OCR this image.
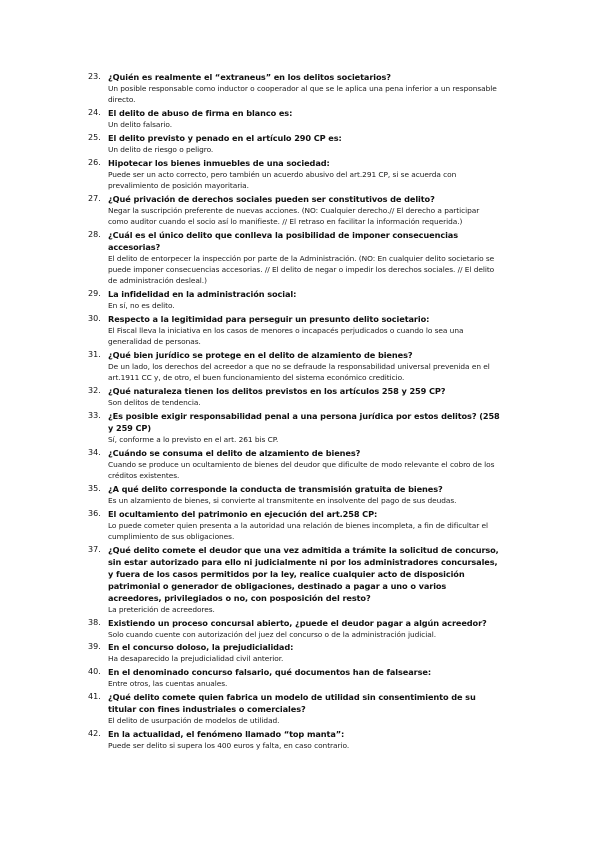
23. ¿Quién es realmente el “extraneus” en los delitos societarios?
Un posible responsable como inductor o cooperador al que se le aplica una pena inferior a un responsable directo.
24. El delito de abuso de firma en blanco es:
Un delito falsario.
25. El delito previsto y penado en el artículo 290 CP es:
Un delito de riesgo o peligro.
26. Hipotecar los bienes inmuebles de una sociedad:
Puede ser un acto correcto, pero también un acuerdo abusivo del art.291 CP, si se acuerda con prevalimiento de posición mayoritaria.
27. ¿Qué privación de derechos sociales pueden ser constitutivos de delito?
Negar la suscripción preferente de nuevas acciones. (NO: Cualquier derecho.// El derecho a participar como auditor cuando el socio así lo manifieste. // El retraso en facilitar la información requerida.)
28. ¿Cuál es el único delito que conlleva la posibilidad de imponer consecuencias accesorias?
El delito de entorpecer la inspección por parte de la Administración. (NO: En cualquier delito societario se puede imponer consecuencias accesorias. // El delito de negar o impedir los derechos sociales. // El delito de administración desleal.)
29. La infidelidad en la administración social:
En sí, no es delito.
30. Respecto a la legitimidad para perseguir un presunto delito societario:
El Fiscal lleva la iniciativa en los casos de menores o incapacés perjudicados o cuando lo sea una generalidad de personas.
31. ¿Qué bien jurídico se protege en el delito de alzamiento de bienes?
De un lado, los derechos del acreedor a que no se defraude la responsabilidad universal prevenida en el art.1911 CC y, de otro, el buen funcionamiento del sistema económico crediticio.
32. ¿Qué naturaleza tienen los delitos previstos en los artículos 258 y 259 CP?
Son delitos de tendencia.
33. ¿Es posible exigir responsabilidad penal a una persona jurídica por estos delitos? (258 y 259 CP)
Sí, conforme a lo previsto en el art. 261 bis CP.
34. ¿Cuándo se consuma el delito de alzamiento de bienes?
Cuando se produce un ocultamiento de bienes del deudor que dificulte de modo relevante el cobro de los créditos existentes.
35. ¿A qué delito corresponde la conducta de transmisión gratuita de bienes?
Es un alzamiento de bienes, si convierte al transmitente en insolvente del pago de sus deudas.
36. El ocultamiento del patrimonio en ejecución del art.258 CP:
Lo puede cometer quien presenta a la autoridad una relación de bienes incompleta, a fin de dificultar el cumplimiento de sus obligaciones.
37. ¿Qué delito comete el deudor que una vez admitida a trámite la solicitud de concurso, sin estar autorizado para ello ni judicialmente ni por los administradores concursales, y fuera de los casos permitidos por la ley, realice cualquier acto de disposición patrimonial o generador de obligaciones, destinado a pagar a uno o varios acreedores, privilegiados o no, con posposición del resto?
La preterición de acreedores.
38. Existiendo un proceso concursal abierto, ¿puede el deudor pagar a algún acreedor?
Solo cuando cuente con autorización del juez del concurso o de la administración judicial.
39. En el concurso doloso, la prejudicialidad:
Ha desaparecido la prejudicialidad civil anterior.
40. En el denominado concurso falsario, qué documentos han de falsearse:
Entre otros, las cuentas anuales.
41. ¿Qué delito comete quien fabrica un modelo de utilidad sin consentimiento de su titular con fines industriales o comerciales?
El delito de usurpación de modelos de utilidad.
42. En la actualidad, el fenómeno llamado “top manta”:
Puede ser delito si supera los 400 euros y falta, en caso contrario.
